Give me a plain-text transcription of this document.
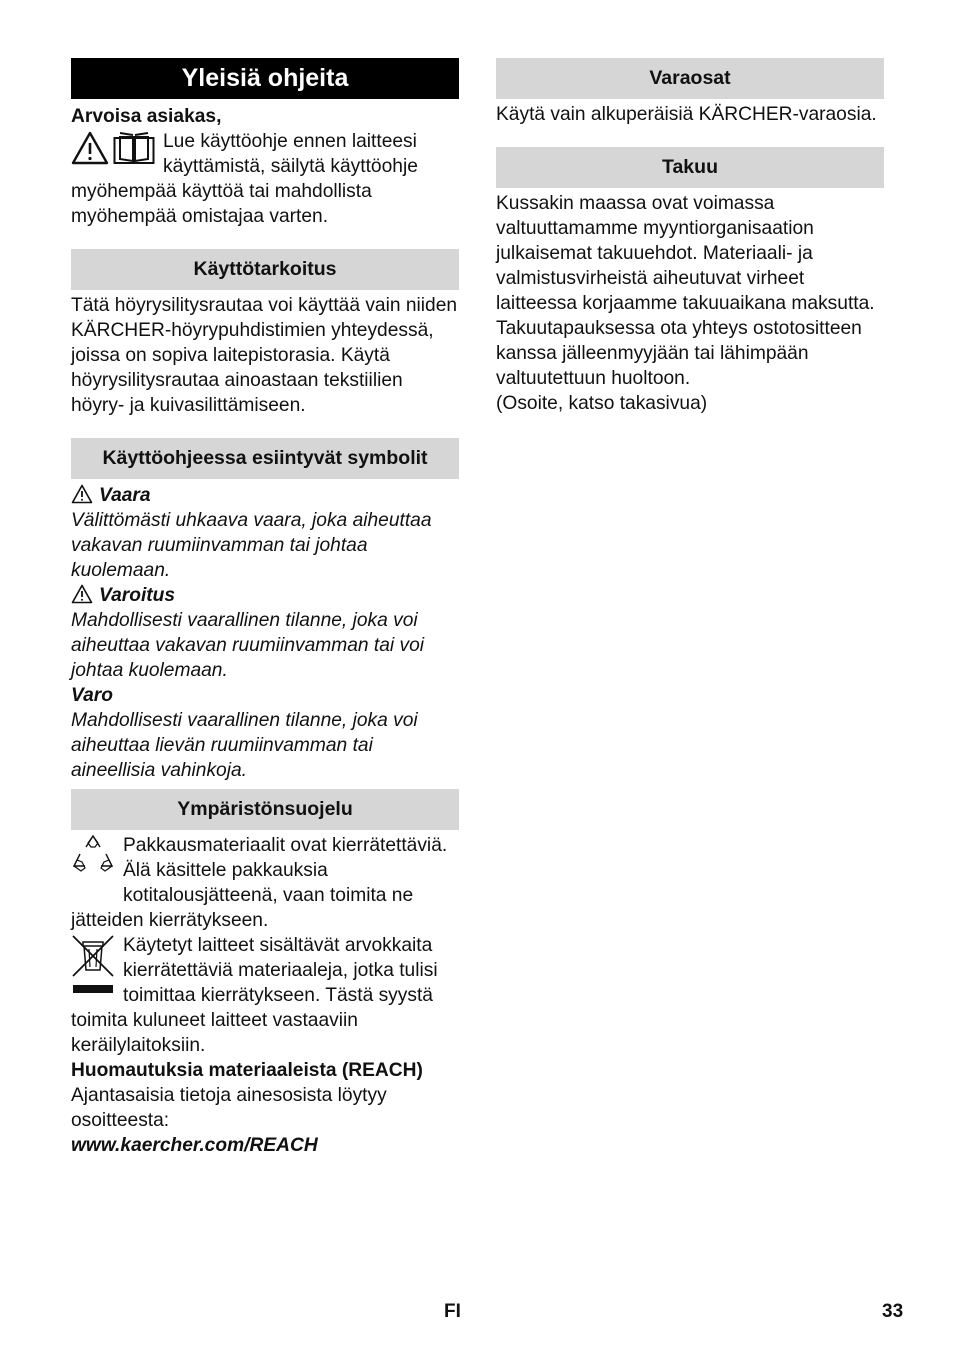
Yleisiä ohjeita

Arvoisa asiakas,

Lue käyttöohje ennen laitteesi käyttämistä, säilytä käyttöohje myöhempää käyttöä tai mahdollista myöhempää omistajaa varten.

Käyttötarkoitus

Tätä höyrysilitysrautaa voi käyttää vain niiden KÄRCHER-höyrypuhdistimien yhteydessä, joissa on sopiva laitepistorasia. Käytä höyrysilitysrautaa ainoastaan tekstiilien höyry- ja kuivasilittämiseen.

Käyttöohjeessa esiintyvät symbolit

Vaara

Välittömästi uhkaava vaara, joka aiheuttaa vakavan ruumiinvamman tai johtaa kuolemaan.

Varoitus

Mahdollisesti vaarallinen tilanne, joka voi aiheuttaa vakavan ruumiinvamman tai voi johtaa kuolemaan.

Varo

Mahdollisesti vaarallinen tilanne, joka voi aiheuttaa lievän ruumiinvamman tai aineellisia vahinkoja.

Ympäristönsuojelu

Pakkausmateriaalit ovat kierrätettäviä. Älä käsittele pakkauksia kotitalousjätteenä, vaan toimita ne jätteiden kierrätykseen.

Käytetyt laitteet sisältävät arvokkaita kierrätettäviä materiaaleja, jotka tulisi toimittaa kierrätykseen. Tästä syystä toimita kuluneet laitteet vastaaviin keräilylaitoksiin.

Huomautuksia materiaaleista (REACH)

Ajantasaisia tietoja ainesosista löytyy osoitteesta:

www.kaercher.com/REACH

Varaosat

Käytä vain alkuperäisiä KÄRCHER-varaosia.

Takuu

Kussakin maassa ovat voimassa valtuuttamamme myyntiorganisaation julkaisemat takuuehdot. Materiaali- ja valmistusvirheistä aiheutuvat virheet laitteessa korjaamme takuuaikana maksutta. Takuutapauksessa ota yhteys ostotositteen kanssa jälleenmyyjään tai lähimpään valtuutettuun huoltoon.

(Osoite, katso takasivua)

FI	33
